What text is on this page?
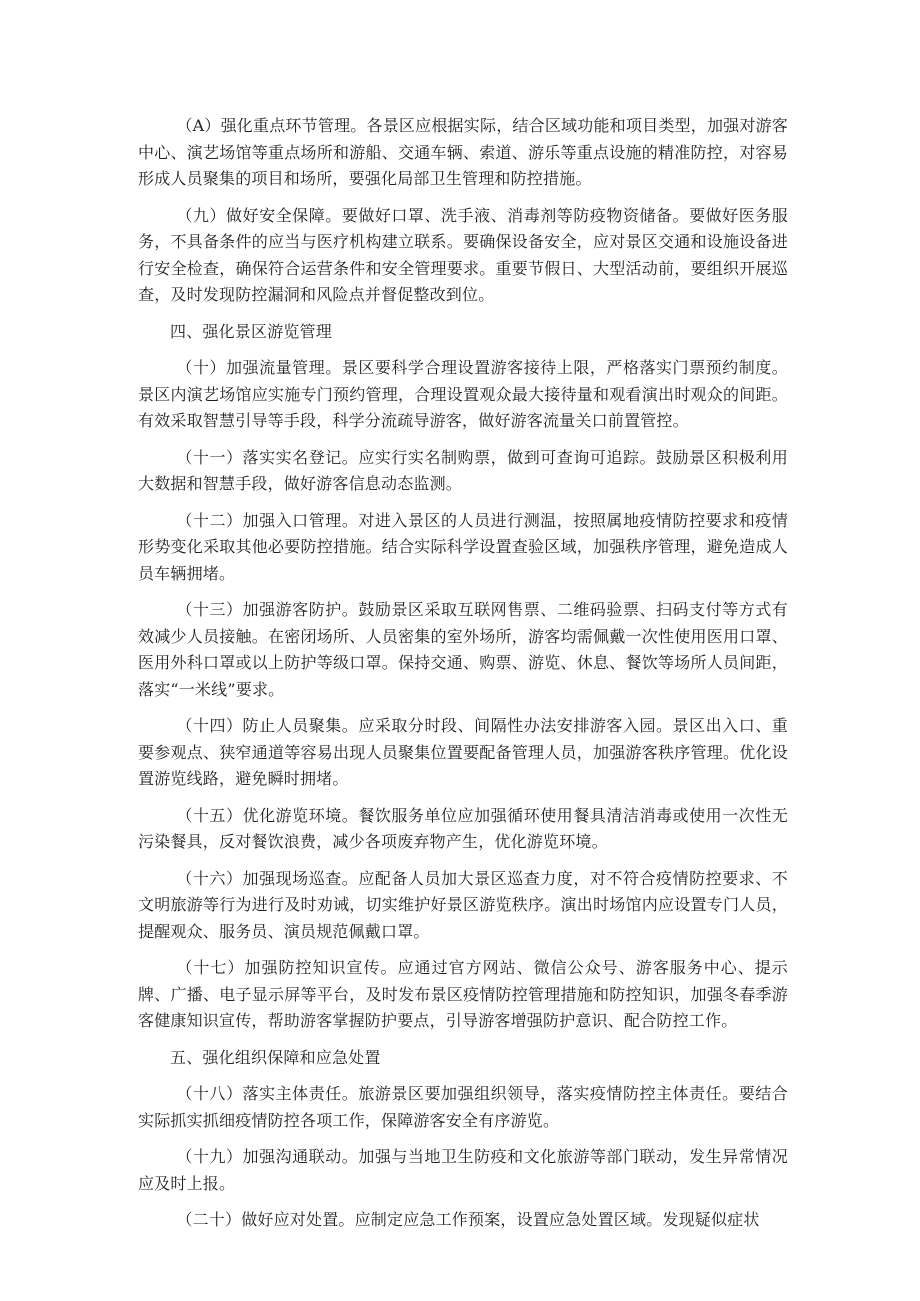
（A）强化重点环节管理。各景区应根据实际，结合区域功能和项目类型，加强对游客中心、演艺场馆等重点场所和游船、交通车辆、索道、游乐等重点设施的精准防控，对容易形成人员聚集的项目和场所，要强化局部卫生管理和防控措施。

（九）做好安全保障。要做好口罩、洗手液、消毒剂等防疫物资储备。要做好医务服务，不具备条件的应当与医疗机构建立联系。要确保设备安全，应对景区交通和设施设备进行安全检查，确保符合运营条件和安全管理要求。重要节假日、大型活动前，要组织开展巡查，及时发现防控漏洞和风险点并督促整改到位。

四、强化景区游览管理

（十）加强流量管理。景区要科学合理设置游客接待上限，严格落实门票预约制度。景区内演艺场馆应实施专门预约管理，合理设置观众最大接待量和观看演出时观众的间距。有效采取智慧引导等手段，科学分流疏导游客，做好游客流量关口前置管控。

（十一）落实实名登记。应实行实名制购票，做到可查询可追踪。鼓励景区积极利用大数据和智慧手段，做好游客信息动态监测。

（十二）加强入口管理。对进入景区的人员进行测温，按照属地疫情防控要求和疫情形势变化采取其他必要防控措施。结合实际科学设置查验区域，加强秩序管理，避免造成人员车辆拥堵。

（十三）加强游客防护。鼓励景区采取互联网售票、二维码验票、扫码支付等方式有效减少人员接触。在密闭场所、人员密集的室外场所，游客均需佩戴一次性使用医用口罩、医用外科口罩或以上防护等级口罩。保持交通、购票、游览、休息、餐饮等场所人员间距，落实“一米线”要求。

（十四）防止人员聚集。应采取分时段、间隔性办法安排游客入园。景区出入口、重要参观点、狭窄通道等容易出现人员聚集位置要配备管理人员，加强游客秩序管理。优化设置游览线路，避免瞬时拥堵。

（十五）优化游览环境。餐饮服务单位应加强循环使用餐具清洁消毒或使用一次性无污染餐具，反对餐饮浪费，减少各项废弃物产生，优化游览环境。

（十六）加强现场巡查。应配备人员加大景区巡查力度，对不符合疫情防控要求、不文明旅游等行为进行及时劝诫，切实维护好景区游览秩序。演出时场馆内应设置专门人员，提醒观众、服务员、演员规范佩戴口罩。

（十七）加强防控知识宣传。应通过官方网站、微信公众号、游客服务中心、提示牌、广播、电子显示屏等平台，及时发布景区疫情防控管理措施和防控知识，加强冬春季游客健康知识宣传，帮助游客掌握防护要点，引导游客增强防护意识、配合防控工作。

五、强化组织保障和应急处置

（十八）落实主体责任。旅游景区要加强组织领导，落实疫情防控主体责任。要结合实际抓实抓细疫情防控各项工作，保障游客安全有序游览。

（十九）加强沟通联动。加强与当地卫生防疫和文化旅游等部门联动，发生异常情况应及时上报。

（二十）做好应对处置。应制定应急工作预案，设置应急处置区域。发现疑似症状
